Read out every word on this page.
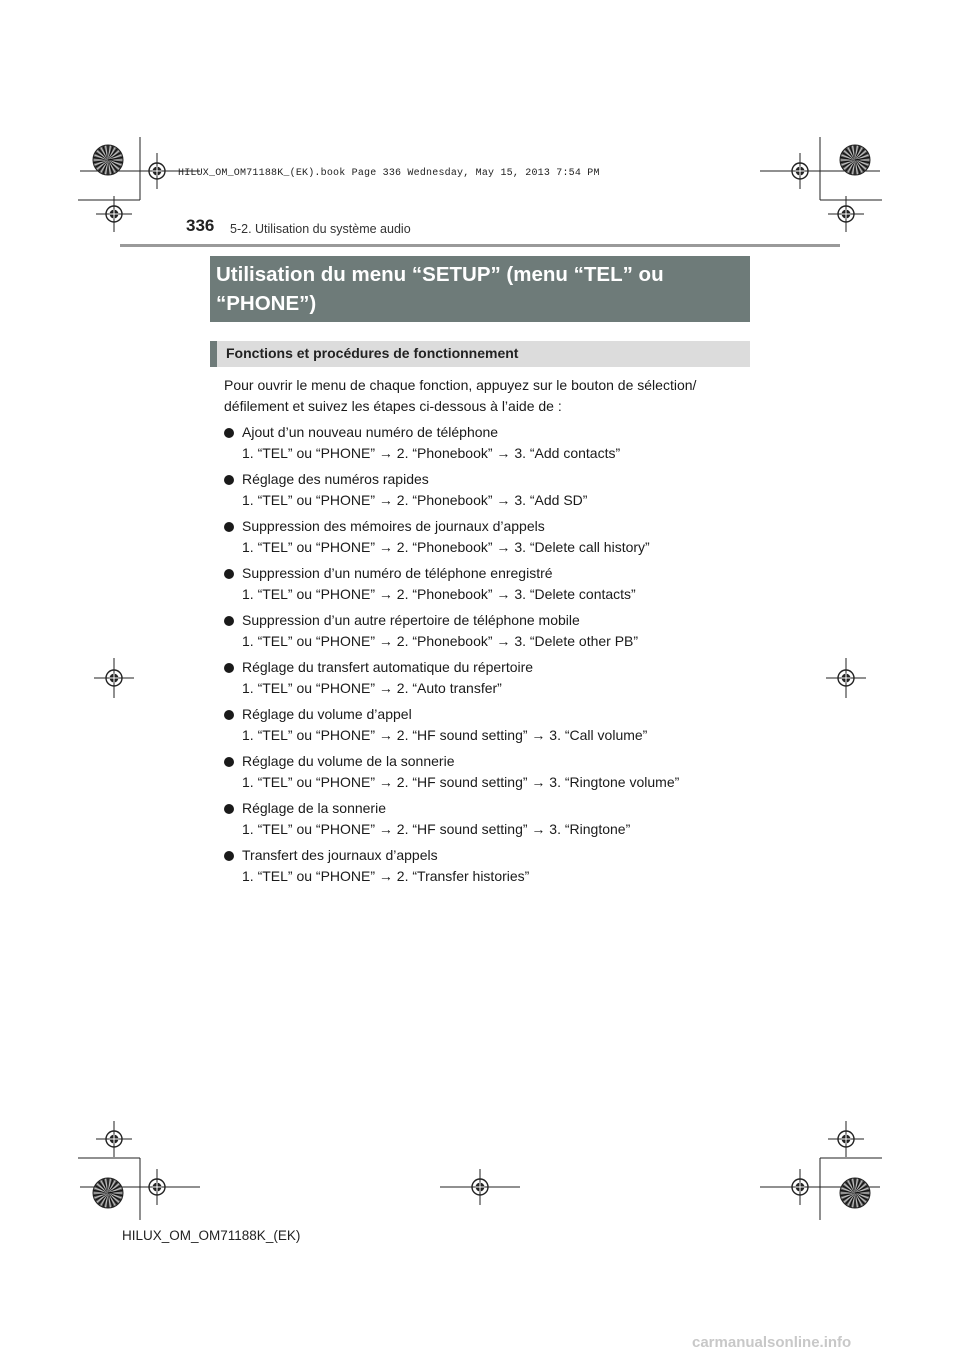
HILUX_OM_OM71188K_(EK).book Page 336 Wednesday, May 15, 2013 7:54 PM
336 5-2. Utilisation du système audio
Utilisation du menu “SETUP” (menu “TEL” ou “PHONE”)
Fonctions et procédures de fonctionnement

Pour ouvrir le menu de chaque fonction, appuyez sur le bouton de sélection/ défilement et suivez les étapes ci-dessous à l’aide de :

Ajout d’un nouveau numéro de téléphone
1. “TEL” ou “PHONE” → 2. “Phonebook” → 3. “Add contacts”
Réglage des numéros rapides
1. “TEL” ou “PHONE” → 2. “Phonebook” → 3. “Add SD”
Suppression des mémoires de journaux d’appels
1. “TEL” ou “PHONE” → 2. “Phonebook” → 3. “Delete call history”
Suppression d’un numéro de téléphone enregistré
1. “TEL” ou “PHONE” → 2. “Phonebook” → 3. “Delete contacts”
Suppression d’un autre répertoire de téléphone mobile
1. “TEL” ou “PHONE” → 2. “Phonebook” → 3. “Delete other PB”
Réglage du transfert automatique du répertoire
1. “TEL” ou “PHONE” → 2. “Auto transfer”
Réglage du volume d’appel
1. “TEL” ou “PHONE” → 2. “HF sound setting” → 3. “Call volume”
Réglage du volume de la sonnerie
1. “TEL” ou “PHONE” → 2. “HF sound setting” → 3. “Ringtone volume”
Réglage de la sonnerie
1. “TEL” ou “PHONE” → 2. “HF sound setting” → 3. “Ringtone”
Transfert des journaux d’appels
1. “TEL” ou “PHONE” → 2. “Transfer histories”
HILUX_OM_OM71188K_(EK)
carmanualsonline.info
